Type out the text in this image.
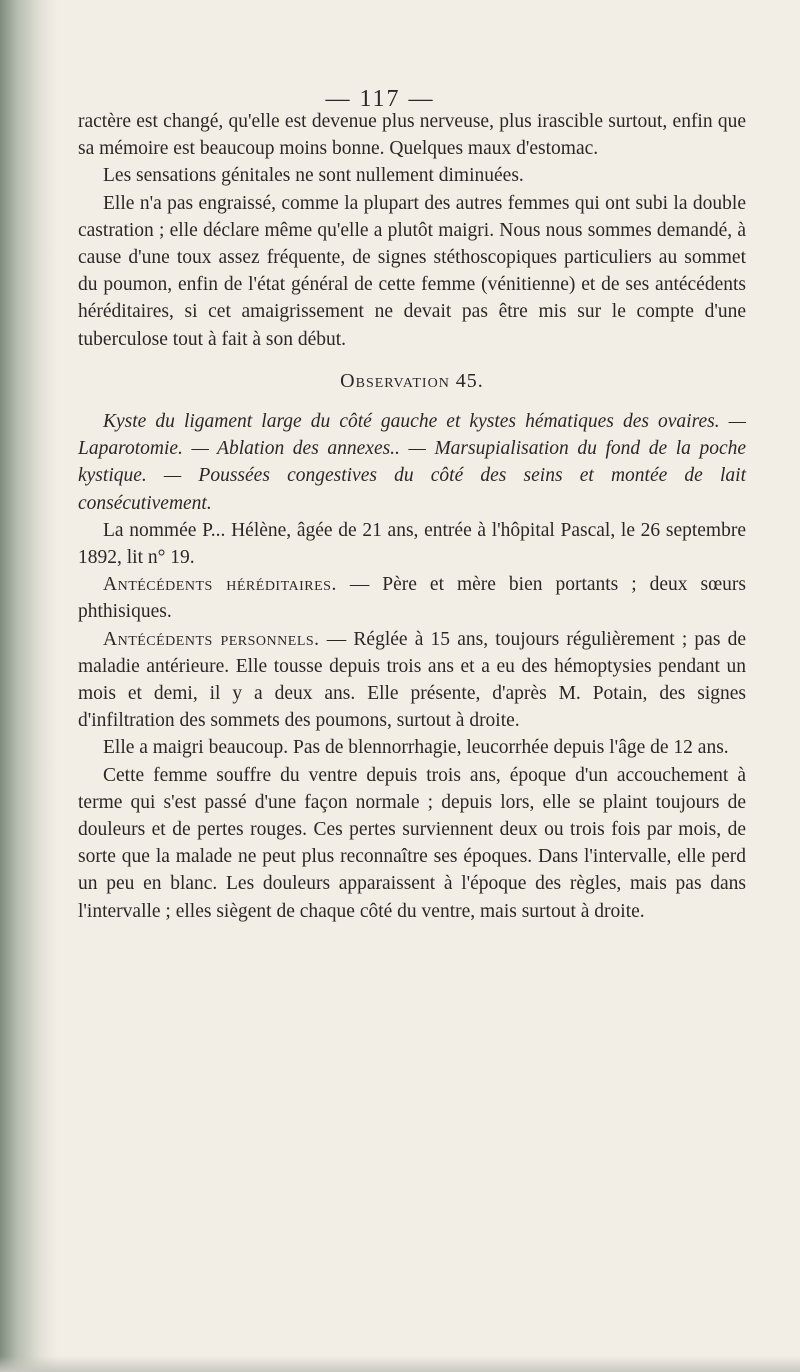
— 117 —

ractère est changé, qu'elle est devenue plus nerveuse, plus irascible surtout, enfin que sa mémoire est beaucoup moins bonne. Quelques maux d'estomac.

Les sensations génitales ne sont nullement diminuées.

Elle n'a pas engraissé, comme la plupart des autres femmes qui ont subi la double castration ; elle déclare même qu'elle a plutôt maigri. Nous nous sommes demandé, à cause d'une toux assez fréquente, de signes stéthoscopiques particuliers au sommet du poumon, enfin de l'état général de cette femme (vénitienne) et de ses antécédents héréditaires, si cet amaigrissement ne devait pas être mis sur le compte d'une tuberculose tout à fait à son début.

Observation 45.

Kyste du ligament large du côté gauche et kystes hématiques des ovaires. — Laparotomie. — Ablation des annexes.. — Marsupialisation du fond de la poche kystique. — Poussées congestives du côté des seins et montée de lait consécutivement.

La nommée P... Hélène, âgée de 21 ans, entrée à l'hôpital Pascal, le 26 septembre 1892, lit n° 19.

Antécédents héréditaires. — Père et mère bien portants ; deux sœurs phthisiques.

Antécédents personnels. — Réglée à 15 ans, toujours régulièrement ; pas de maladie antérieure. Elle tousse depuis trois ans et a eu des hémoptysies pendant un mois et demi, il y a deux ans. Elle présente, d'après M. Potain, des signes d'infiltration des sommets des poumons, surtout à droite.

Elle a maigri beaucoup. Pas de blennorrhagie, leucorrhée depuis l'âge de 12 ans.

Cette femme souffre du ventre depuis trois ans, époque d'un accouchement à terme qui s'est passé d'une façon normale ; depuis lors, elle se plaint toujours de douleurs et de pertes rouges. Ces pertes surviennent deux ou trois fois par mois, de sorte que la malade ne peut plus reconnaître ses époques. Dans l'intervalle, elle perd un peu en blanc. Les douleurs apparaissent à l'époque des règles, mais pas dans l'intervalle ; elles siègent de chaque côté du ventre, mais surtout à droite.
